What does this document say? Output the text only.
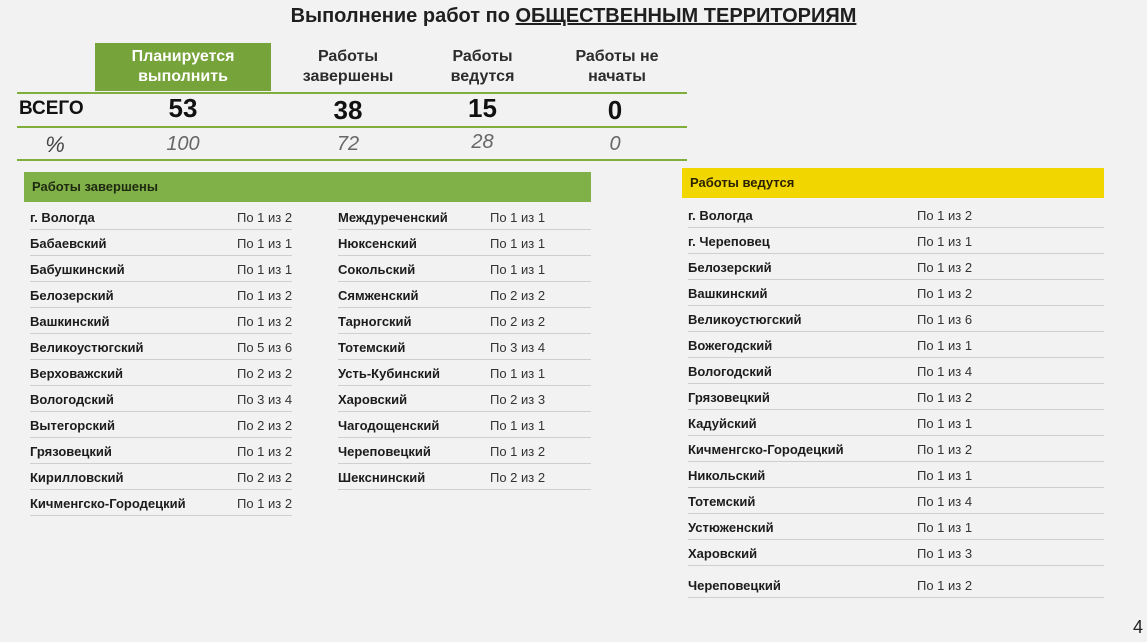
Выполнение работ по ОБЩЕСТВЕННЫМ ТЕРРИТОРИЯМ
Планируется выполнить
Работы завершены
Работы ведутся
Работы не начаты
ВСЕГО	53	38	15	0
%	100	72	28	0
Работы завершены
г. Вологда	По 1 из 2
Бабаевский	По 1 из 1
Бабушкинский	По 1 из 1
Белозерский	По 1 из 2
Вашкинский	По 1 из 2
Великоустюгский	По 5 из 6
Верховажский	По 2 из 2
Вологодский	По 3 из 4
Вытегорский	По 2 из 2
Грязовецкий	По 1 из 2
Кирилловский	По 2 из 2
Кичменгско-Городецкий	По 1 из 2
Междуреченский	По 1 из 1
Нюксенский	По 1 из 1
Сокольский	По 1 из 1
Сямженский	По 2 из 2
Тарногский	По 2 из 2
Тотемский	По 3 из 4
Усть-Кубинский	По 1 из 1
Харовский	По 2 из 3
Чагодощенский	По 1 из 1
Череповецкий	По 1 из 2
Шекснинский	По 2 из 2
Работы ведутся
г. Вологда	По 1 из 2
г. Череповец	По 1 из 1
Белозерский	По 1 из 2
Вашкинский	По 1 из 2
Великоустюгский	По 1 из 6
Вожегодский	По 1 из 1
Вологодский	По 1 из 4
Грязовецкий	По 1 из 2
Кадуйский	По 1 из 1
Кичменгско-Городецкий	По 1 из 2
Никольский	По 1 из 1
Тотемский	По 1 из 4
Устюженский	По 1 из 1
Харовский	По 1 из 3
Череповецкий	По 1 из 2
4
